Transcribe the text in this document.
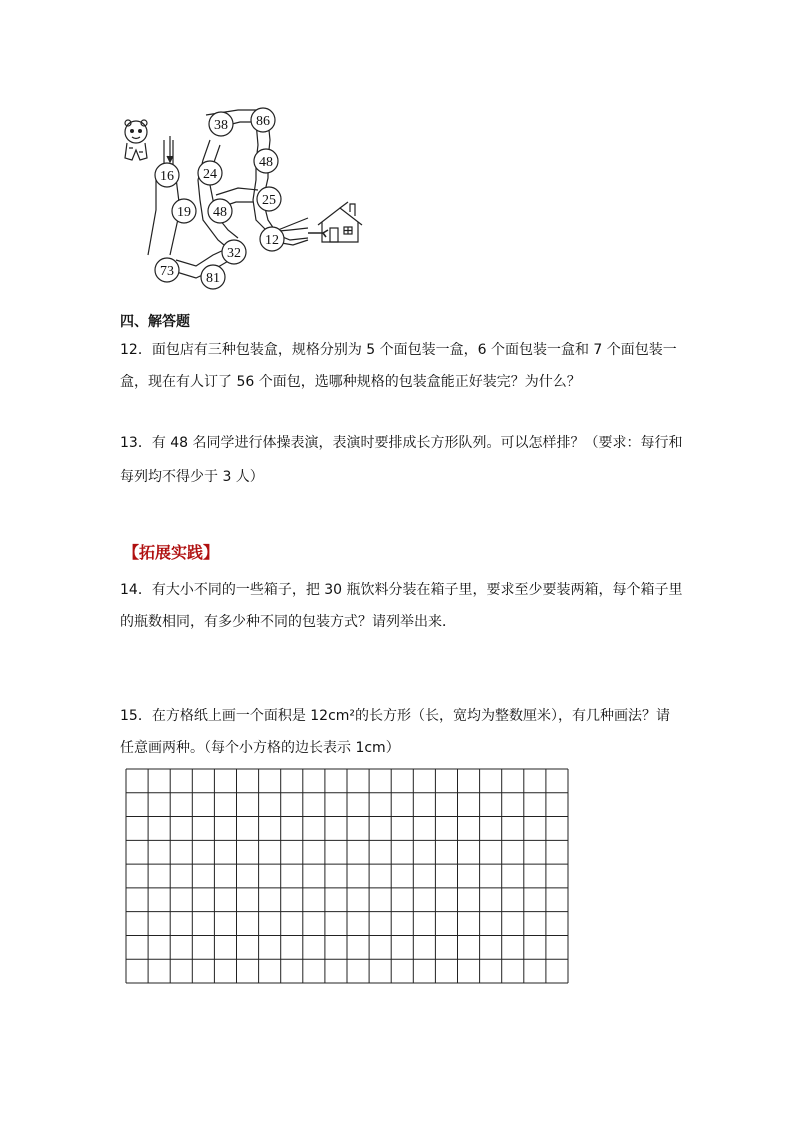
38 86
48
16 24
25
19 48
12
32
73 81
四、解答题
12．面包店有三种包装盒，规格分别为 5 个面包装一盒，6 个面包装一盒和 7 个面包装一
盒，现在有人订了 56 个面包，选哪种规格的包装盒能正好装完？为什么？
13．有 48 名同学进行体操表演，表演时要排成长方形队列。可以怎样排？（要求：每行和
每列均不得少于 3 人）
【拓展实践】
14．有大小不同的一些箱子，把 30 瓶饮料分装在箱子里，要求至少要装两箱，每个箱子里
的瓶数相同，有多少种不同的包装方式？请列举出来．
15．在方格纸上画一个面积是 12cm²的长方形（长，宽均为整数厘米），有几种画法？请
任意画两种。（每个小方格的边长表示 1cm）
